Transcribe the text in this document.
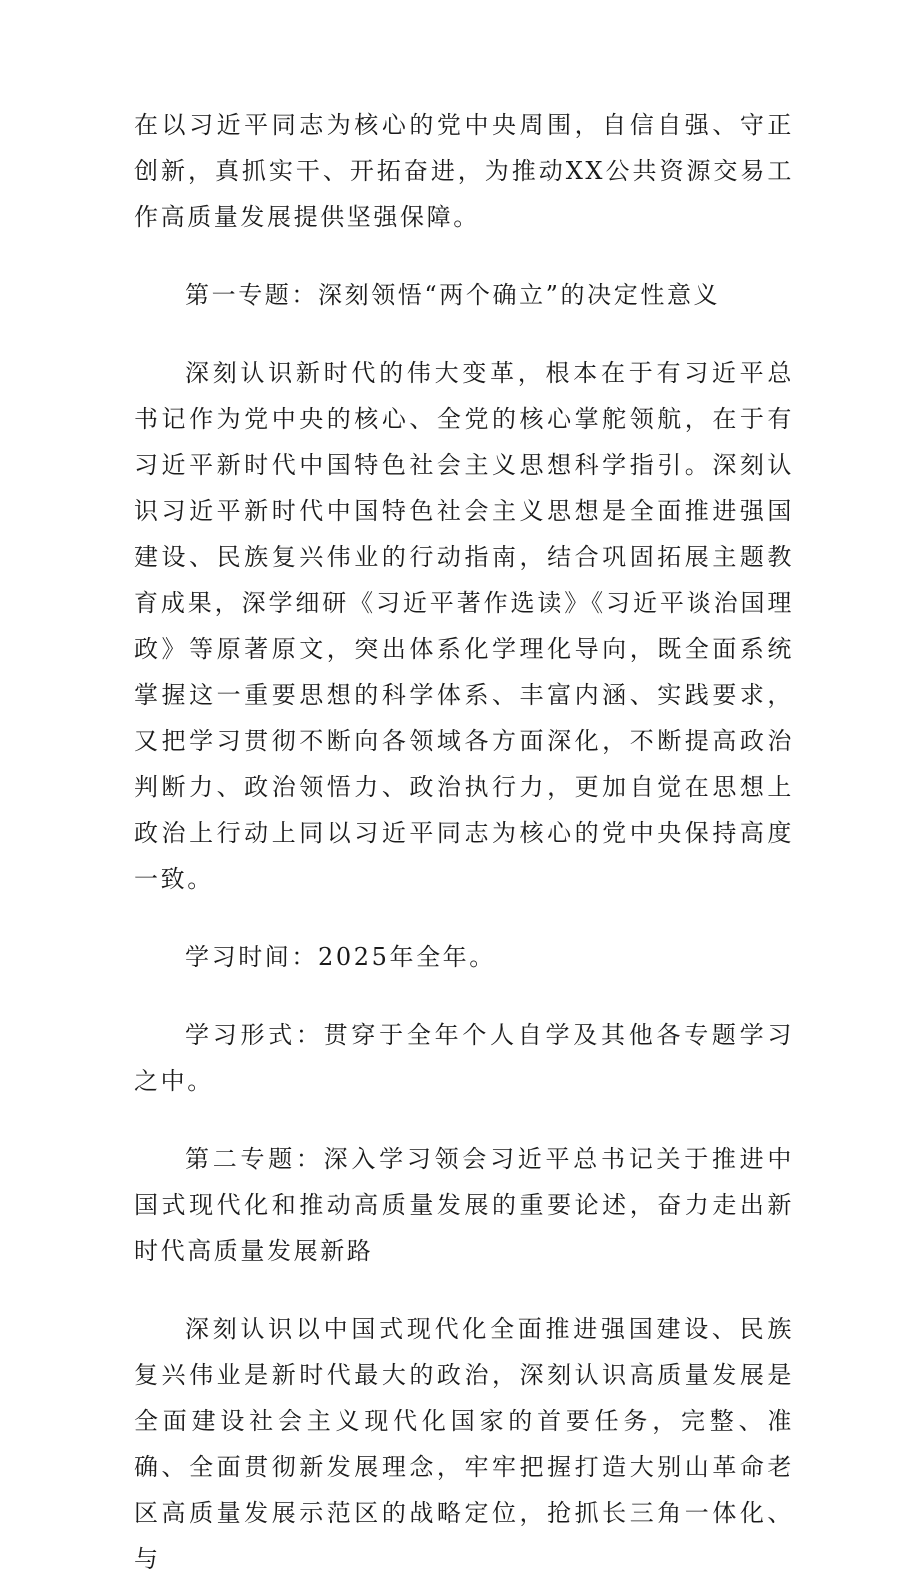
在以习近平同志为核心的党中央周围，自信自强、守正创新，真抓实干、开拓奋进，为推动XX公共资源交易工作高质量发展提供坚强保障。

第一专题：深刻领悟“两个确立”的决定性意义

深刻认识新时代的伟大变革，根本在于有习近平总书记作为党中央的核心、全党的核心掌舵领航，在于有习近平新时代中国特色社会主义思想科学指引。深刻认识习近平新时代中国特色社会主义思想是全面推进强国建设、民族复兴伟业的行动指南，结合巩固拓展主题教育成果，深学细研《习近平著作选读》《习近平谈治国理政》等原著原文，突出体系化学理化导向，既全面系统掌握这一重要思想的科学体系、丰富内涵、实践要求，又把学习贯彻不断向各领域各方面深化，不断提高政治判断力、政治领悟力、政治执行力，更加自觉在思想上政治上行动上同以习近平同志为核心的党中央保持高度一致。

学习时间：2025年全年。

学习形式：贯穿于全年个人自学及其他各专题学习之中。

第二专题：深入学习领会习近平总书记关于推进中国式现代化和推动高质量发展的重要论述，奋力走出新时代高质量发展新路

深刻认识以中国式现代化全面推进强国建设、民族复兴伟业是新时代最大的政治，深刻认识高质量发展是全面建设社会主义现代化国家的首要任务，完整、准确、全面贯彻新发展理念，牢牢把握打造大别山革命老区高质量发展示范区的战略定位，抢抓长三角一体化、与
